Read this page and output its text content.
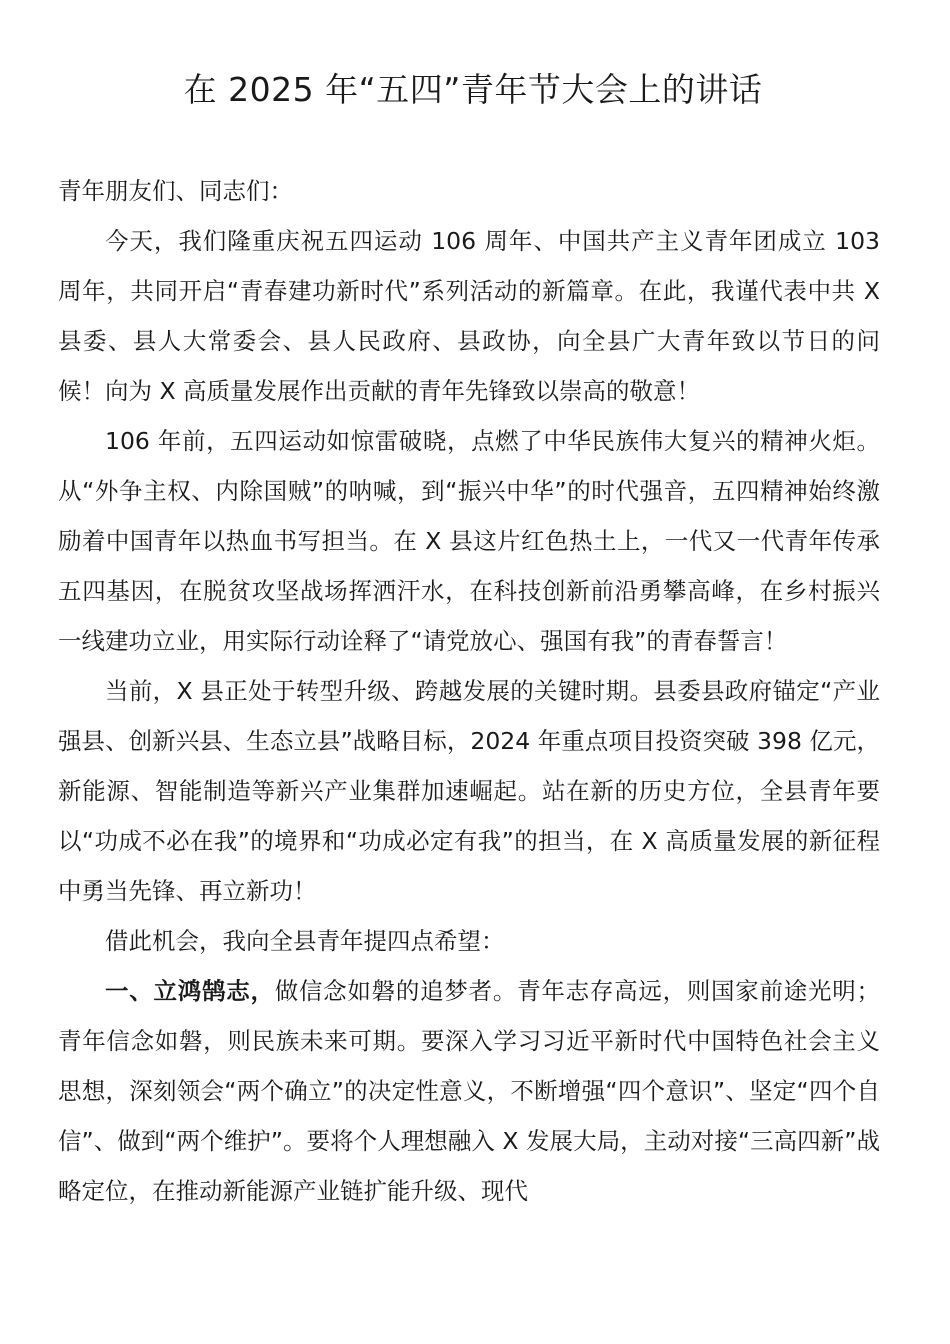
在 2025 年“五四”青年节大会上的讲话

青年朋友们、同志们：

今天，我们隆重庆祝五四运动 106 周年、中国共产主义青年团成立 103 周年，共同开启“青春建功新时代”系列活动的新篇章。在此，我谨代表中共 X 县委、县人大常委会、县人民政府、县政协，向全县广大青年致以节日的问候！向为 X 高质量发展作出贡献的青年先锋致以崇高的敬意！

106 年前，五四运动如惊雷破晓，点燃了中华民族伟大复兴的精神火炬。从“外争主权、内除国贼”的呐喊，到“振兴中华”的时代强音，五四精神始终激励着中国青年以热血书写担当。在 X 县这片红色热土上，一代又一代青年传承五四基因，在脱贫攻坚战场挥洒汗水，在科技创新前沿勇攀高峰，在乡村振兴一线建功立业，用实际行动诠释了“请党放心、强国有我”的青春誓言！

当前，X 县正处于转型升级、跨越发展的关键时期。县委县政府锚定“产业强县、创新兴县、生态立县”战略目标，2024 年重点项目投资突破 398 亿元，新能源、智能制造等新兴产业集群加速崛起。站在新的历史方位，全县青年要以“功成不必在我”的境界和“功成必定有我”的担当，在 X 高质量发展的新征程中勇当先锋、再立新功！

借此机会，我向全县青年提四点希望：

一、立鸿鹄志，做信念如磐的追梦者。青年志存高远，则国家前途光明；青年信念如磐，则民族未来可期。要深入学习习近平新时代中国特色社会主义思想，深刻领会“两个确立”的决定性意义，不断增强“四个意识”、坚定“四个自信”、做到“两个维护”。要将个人理想融入 X 发展大局，主动对接“三高四新”战略定位，在推动新能源产业链扩能升级、现代
